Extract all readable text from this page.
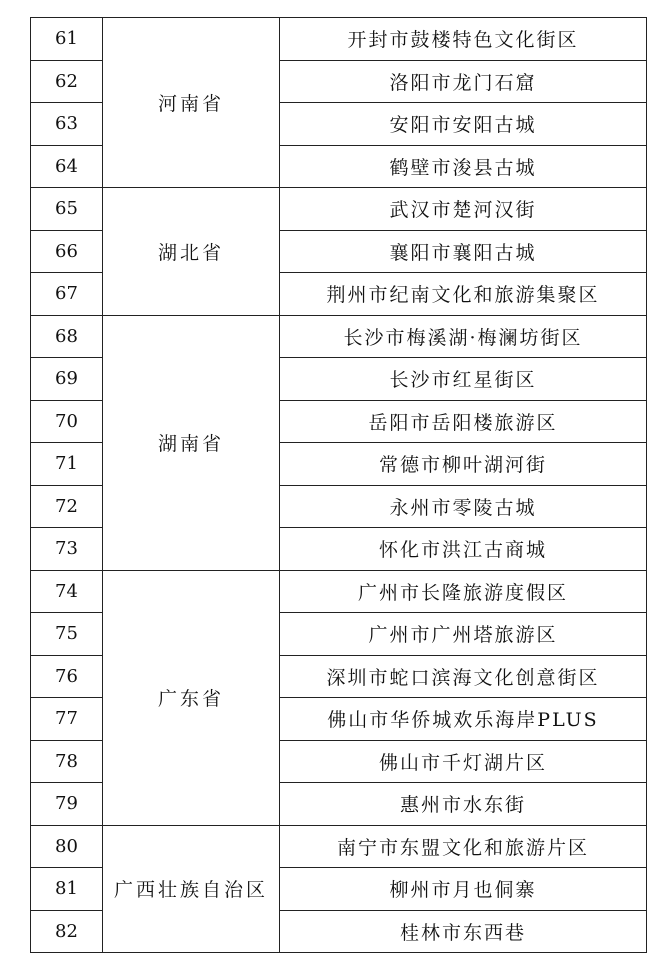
61	河南省	开封市鼓楼特色文化街区
62		洛阳市龙门石窟
63		安阳市安阳古城
64		鹤壁市浚县古城
65	湖北省	武汉市楚河汉街
66		襄阳市襄阳古城
67		荆州市纪南文化和旅游集聚区
68	湖南省	长沙市梅溪湖·梅澜坊街区
69		长沙市红星街区
70		岳阳市岳阳楼旅游区
71		常德市柳叶湖河街
72		永州市零陵古城
73		怀化市洪江古商城
74	广东省	广州市长隆旅游度假区
75		广州市广州塔旅游区
76		深圳市蛇口滨海文化创意街区
77		佛山市华侨城欢乐海岸PLUS
78		佛山市千灯湖片区
79		惠州市水东街
80	广西壮族自治区	南宁市东盟文化和旅游片区
81		柳州市月也侗寨
82		桂林市东西巷
